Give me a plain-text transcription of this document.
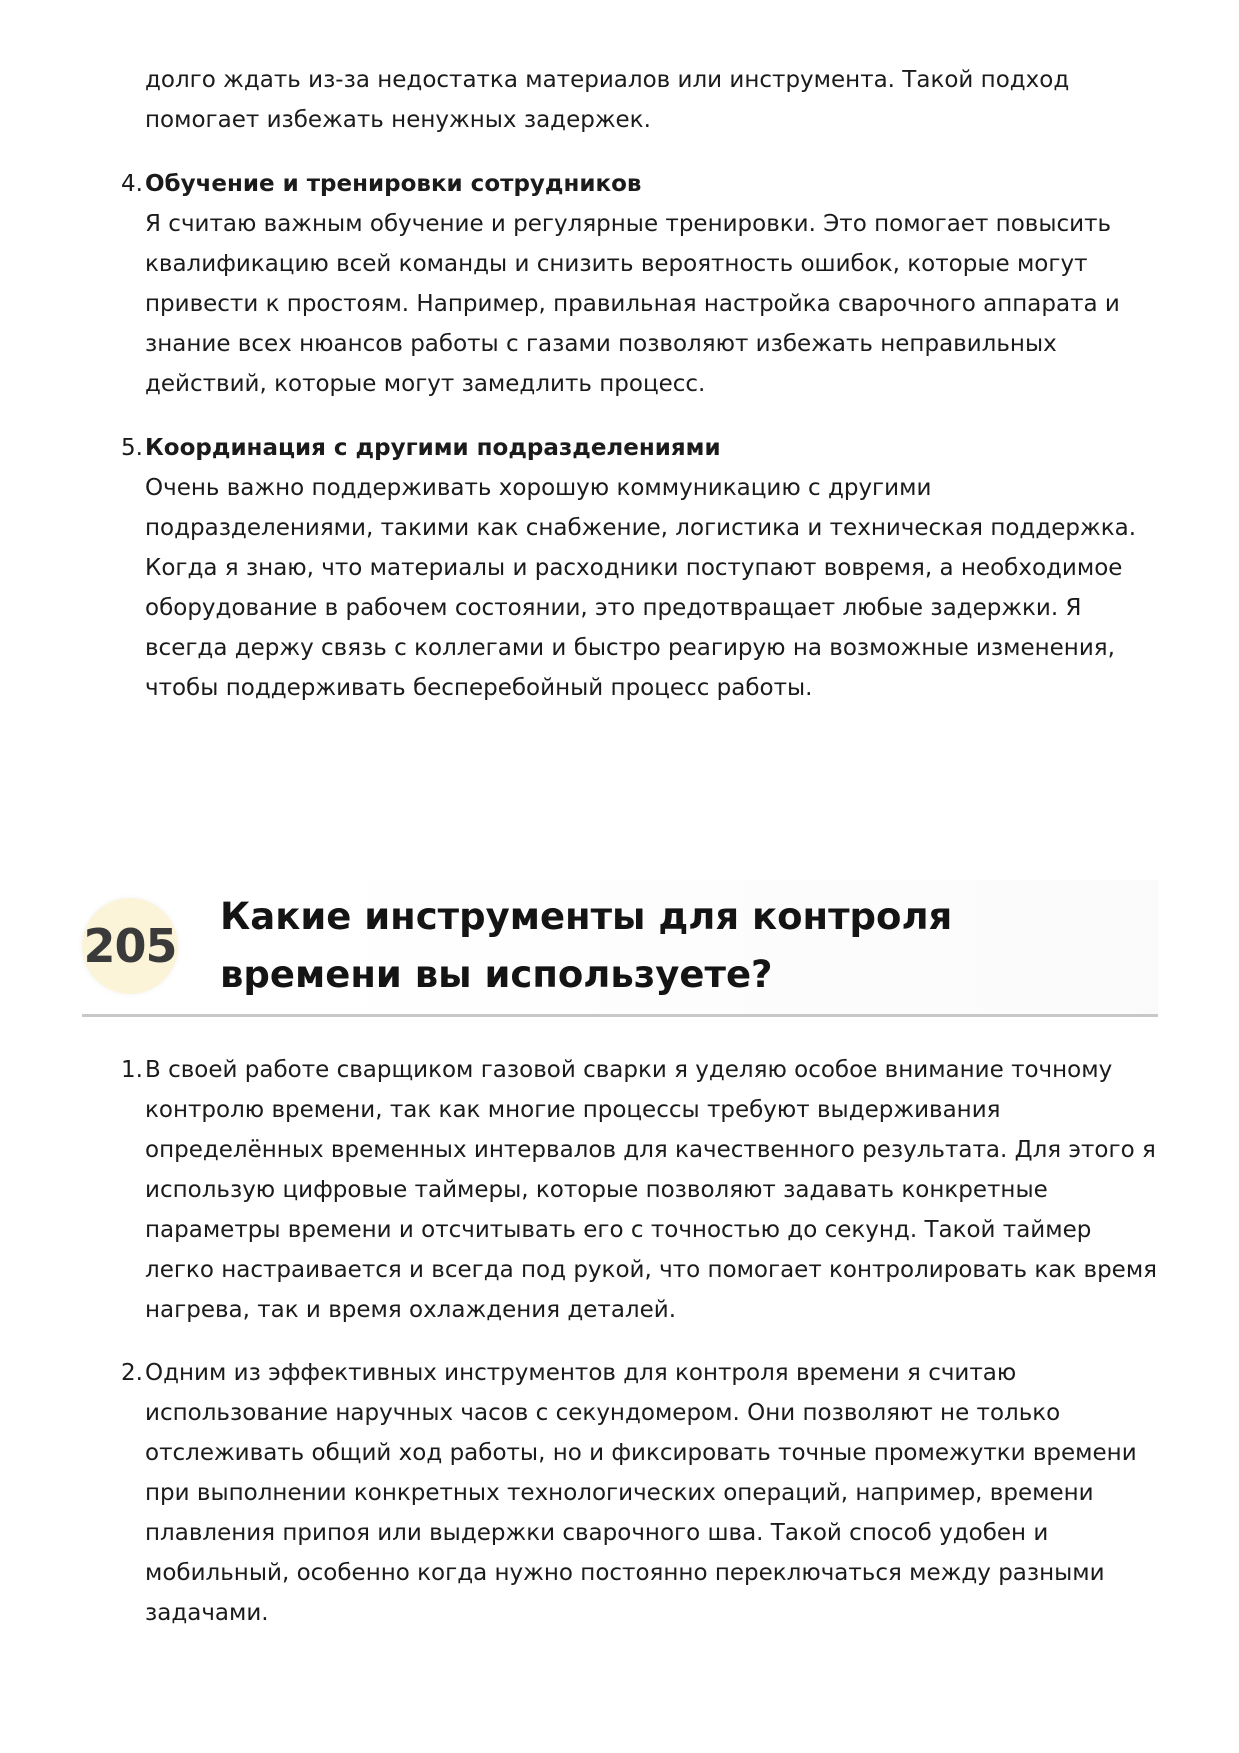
долго ждать из-за недостатка материалов или инструмента. Такой подход помогает избежать ненужных задержек.
4. Обучение и тренировки сотрудников
Я считаю важным обучение и регулярные тренировки. Это помогает повысить квалификацию всей команды и снизить вероятность ошибок, которые могут привести к простоям. Например, правильная настройка сварочного аппарата и знание всех нюансов работы с газами позволяют избежать неправильных действий, которые могут замедлить процесс.
5. Координация с другими подразделениями
Очень важно поддерживать хорошую коммуникацию с другими подразделениями, такими как снабжение, логистика и техническая поддержка. Когда я знаю, что материалы и расходники поступают вовремя, а необходимое оборудование в рабочем состоянии, это предотвращает любые задержки. Я всегда держу связь с коллегами и быстро реагирую на возможные изменения, чтобы поддерживать бесперебойный процесс работы.
205
Какие инструменты для контроля времени вы используете?
1. В своей работе сварщиком газовой сварки я уделяю особое внимание точному контролю времени, так как многие процессы требуют выдерживания определённых временных интервалов для качественного результата. Для этого я использую цифровые таймеры, которые позволяют задавать конкретные параметры времени и отсчитывать его с точностью до секунд. Такой таймер легко настраивается и всегда под рукой, что помогает контролировать как время нагрева, так и время охлаждения деталей.
2. Одним из эффективных инструментов для контроля времени я считаю использование наручных часов с секундомером. Они позволяют не только отслеживать общий ход работы, но и фиксировать точные промежутки времени при выполнении конкретных технологических операций, например, времени плавления припоя или выдержки сварочного шва. Такой способ удобен и мобильный, особенно когда нужно постоянно переключаться между разными задачами.
